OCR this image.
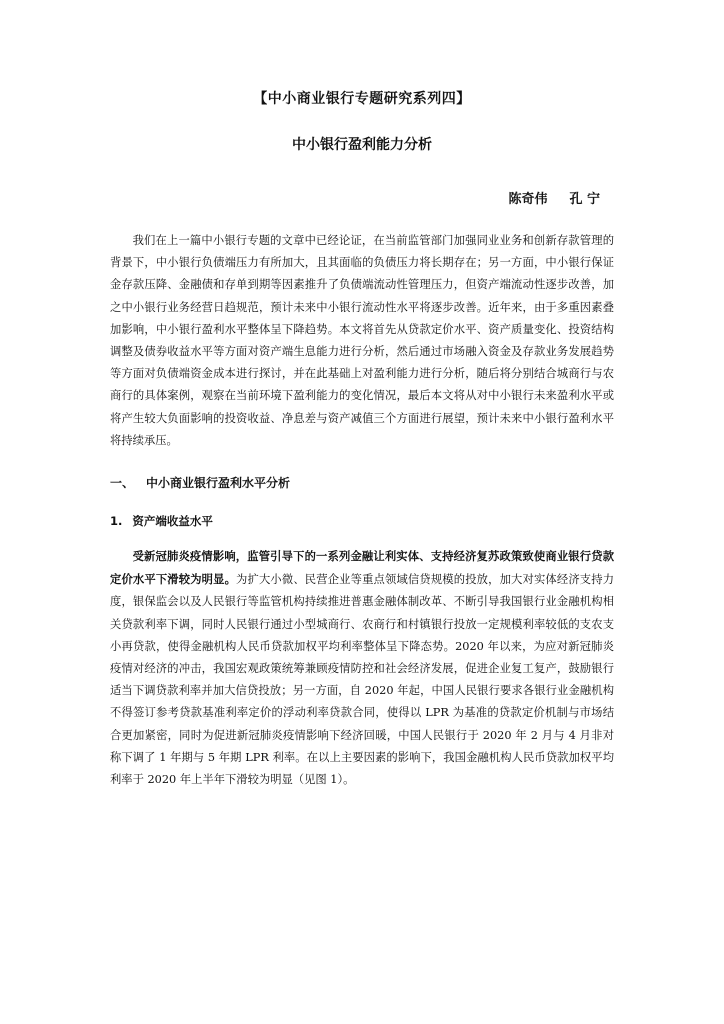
【中小商业银行专题研究系列四】

中小银行盈利能力分析

陈奇伟 孔 宁

我们在上一篇中小银行专题的文章中已经论证，在当前监管部门加强同业业务和创新存款管理的背景下，中小银行负债端压力有所加大，且其面临的负债压力将长期存在；另一方面，中小银行保证金存款压降、金融债和存单到期等因素推升了负债端流动性管理压力，但资产端流动性逐步改善，加之中小银行业务经营日趋规范，预计未来中小银行流动性水平将逐步改善。近年来，由于多重因素叠加影响，中小银行盈利水平整体呈下降趋势。本文将首先从贷款定价水平、资产质量变化、投资结构调整及债券收益水平等方面对资产端生息能力进行分析，然后通过市场融入资金及存款业务发展趋势等方面对负债端资金成本进行探讨，并在此基础上对盈利能力进行分析，随后将分别结合城商行与农商行的具体案例，观察在当前环境下盈利能力的变化情况，最后本文将从对中小银行未来盈利水平或将产生较大负面影响的投资收益、净息差与资产减值三个方面进行展望，预计未来中小银行盈利水平将持续承压。

一、 中小商业银行盈利水平分析

1. 资产端收益水平

受新冠肺炎疫情影响，监管引导下的一系列金融让利实体、支持经济复苏政策致使商业银行贷款定价水平下滑较为明显。为扩大小微、民营企业等重点领域信贷规模的投放，加大对实体经济支持力度，银保监会以及人民银行等监管机构持续推进普惠金融体制改革、不断引导我国银行业金融机构相关贷款利率下调，同时人民银行通过小型城商行、农商行和村镇银行投放一定规模利率较低的支农支小再贷款，使得金融机构人民币贷款加权平均利率整体呈下降态势。2020 年以来，为应对新冠肺炎疫情对经济的冲击，我国宏观政策统筹兼顾疫情防控和社会经济发展，促进企业复工复产，鼓励银行适当下调贷款利率并加大信贷投放；另一方面，自 2020 年起，中国人民银行要求各银行业金融机构不得签订参考贷款基准利率定价的浮动利率贷款合同，使得以 LPR 为基准的贷款定价机制与市场结合更加紧密，同时为促进新冠肺炎疫情影响下经济回暖，中国人民银行于 2020 年 2 月与 4 月非对称下调了 1 年期与 5 年期 LPR 利率。在以上主要因素的影响下，我国金融机构人民币贷款加权平均利率于 2020 年上半年下滑较为明显（见图 1）。
